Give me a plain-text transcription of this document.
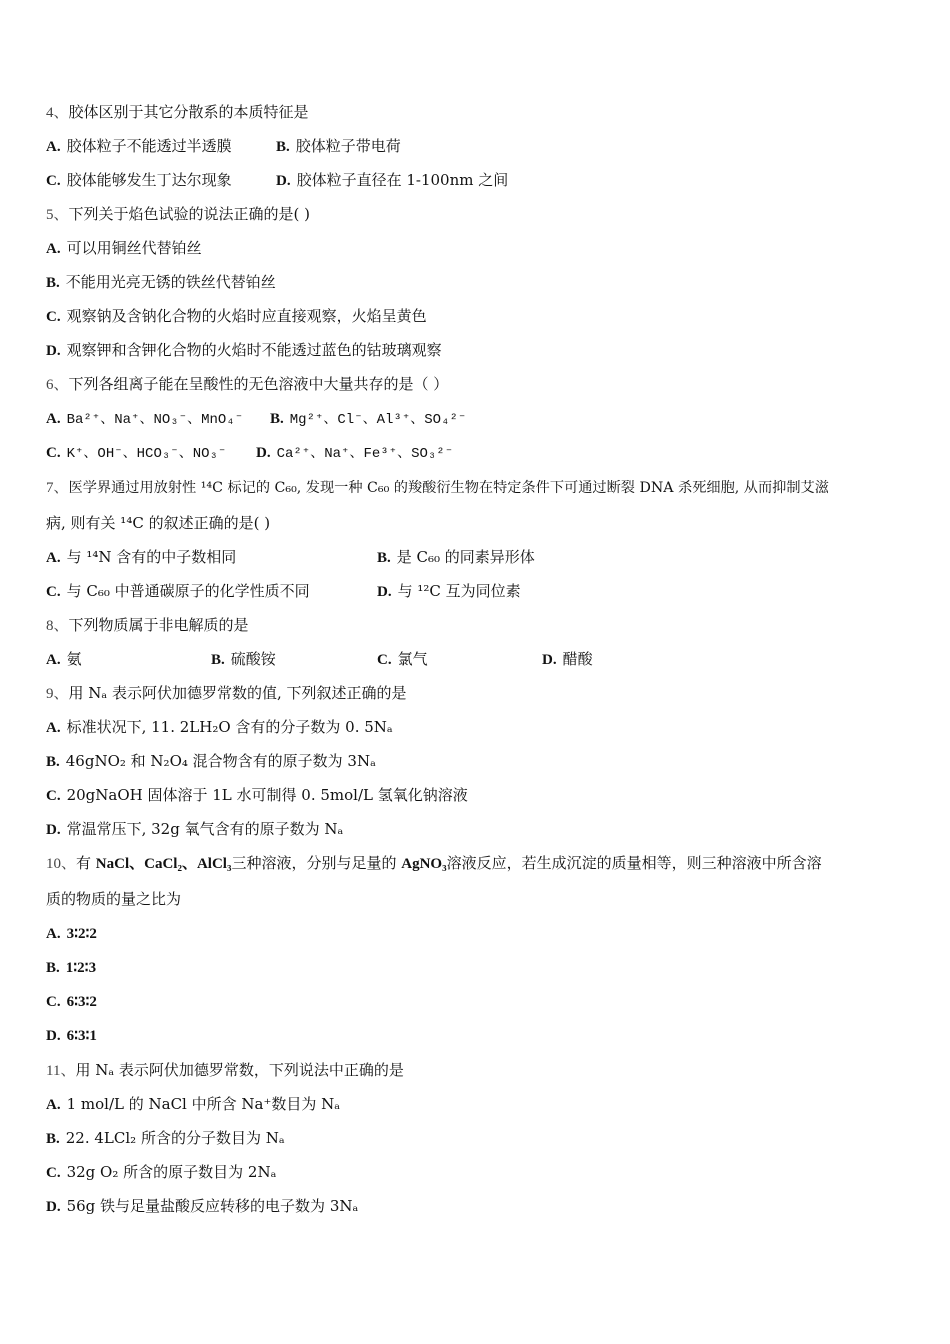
4、胶体区别于其它分散系的本质特征是
A. 胶体粒子不能透过半透膜	B. 胶体粒子带电荷
C. 胶体能够发生丁达尔现象	D. 胶体粒子直径在 1-100nm 之间
5、下列关于焰色试验的说法正确的是( )
A. 可以用铜丝代替铂丝
B. 不能用光亮无锈的铁丝代替铂丝
C. 观察钠及含钠化合物的火焰时应直接观察，火焰呈黄色
D. 观察钾和含钾化合物的火焰时不能透过蓝色的钴玻璃观察
6、下列各组离子能在呈酸性的无色溶液中大量共存的是（ ）
A. Ba²⁺、Na⁺、NO₃⁻、MnO₄⁻ B. Mg²⁺、Cl⁻、Al³⁺、SO₄²⁻
C. K⁺、OH⁻、HCO₃⁻、NO₃⁻ D. Ca²⁺、Na⁺、Fe³⁺、SO₃²⁻
7、医学界通过用放射性 ¹⁴C 标记的 C₆₀, 发现一种 C₆₀ 的羧酸衍生物在特定条件下可通过断裂 DNA 杀死细胞, 从而抑制艾滋
病, 则有关 ¹⁴C 的叙述正确的是( )
A. 与 ¹⁴N 含有的中子数相同	B. 是 C₆₀ 的同素异形体
C. 与 C₆₀ 中普通碳原子的化学性质不同	D. 与 ¹²C 互为同位素
8、下列物质属于非电解质的是
A. 氨	B. 硫酸铵	C. 氯气	D. 醋酸
9、用 Nₐ 表示阿伏加德罗常数的值, 下列叙述正确的是
A. 标准状况下, 11. 2LH₂O 含有的分子数为 0. 5Nₐ
B. 46gNO₂ 和 N₂O₄ 混合物含有的原子数为 3Nₐ
C. 20gNaOH 固体溶于 1L 水可制得 0. 5mol/L 氢氧化钠溶液
D. 常温常压下, 32g 氧气含有的原子数为 Nₐ
10、有 NaCl、CaCl₂、AlCl₃三种溶液，分别与足量的 AgNO₃溶液反应，若生成沉淀的质量相等，则三种溶液中所含溶
质的物质的量之比为
A. 3∶2∶2
B. 1∶2∶3
C. 6∶3∶2
D. 6∶3∶1
11、用 Nₐ 表示阿伏加德罗常数，下列说法中正确的是
A. 1 mol/L 的 NaCl 中所含 Na⁺数目为 Nₐ
B. 22. 4LCl₂ 所含的分子数目为 Nₐ
C. 32g O₂ 所含的原子数目为 2Nₐ
D. 56g 铁与足量盐酸反应转移的电子数为 3Nₐ
